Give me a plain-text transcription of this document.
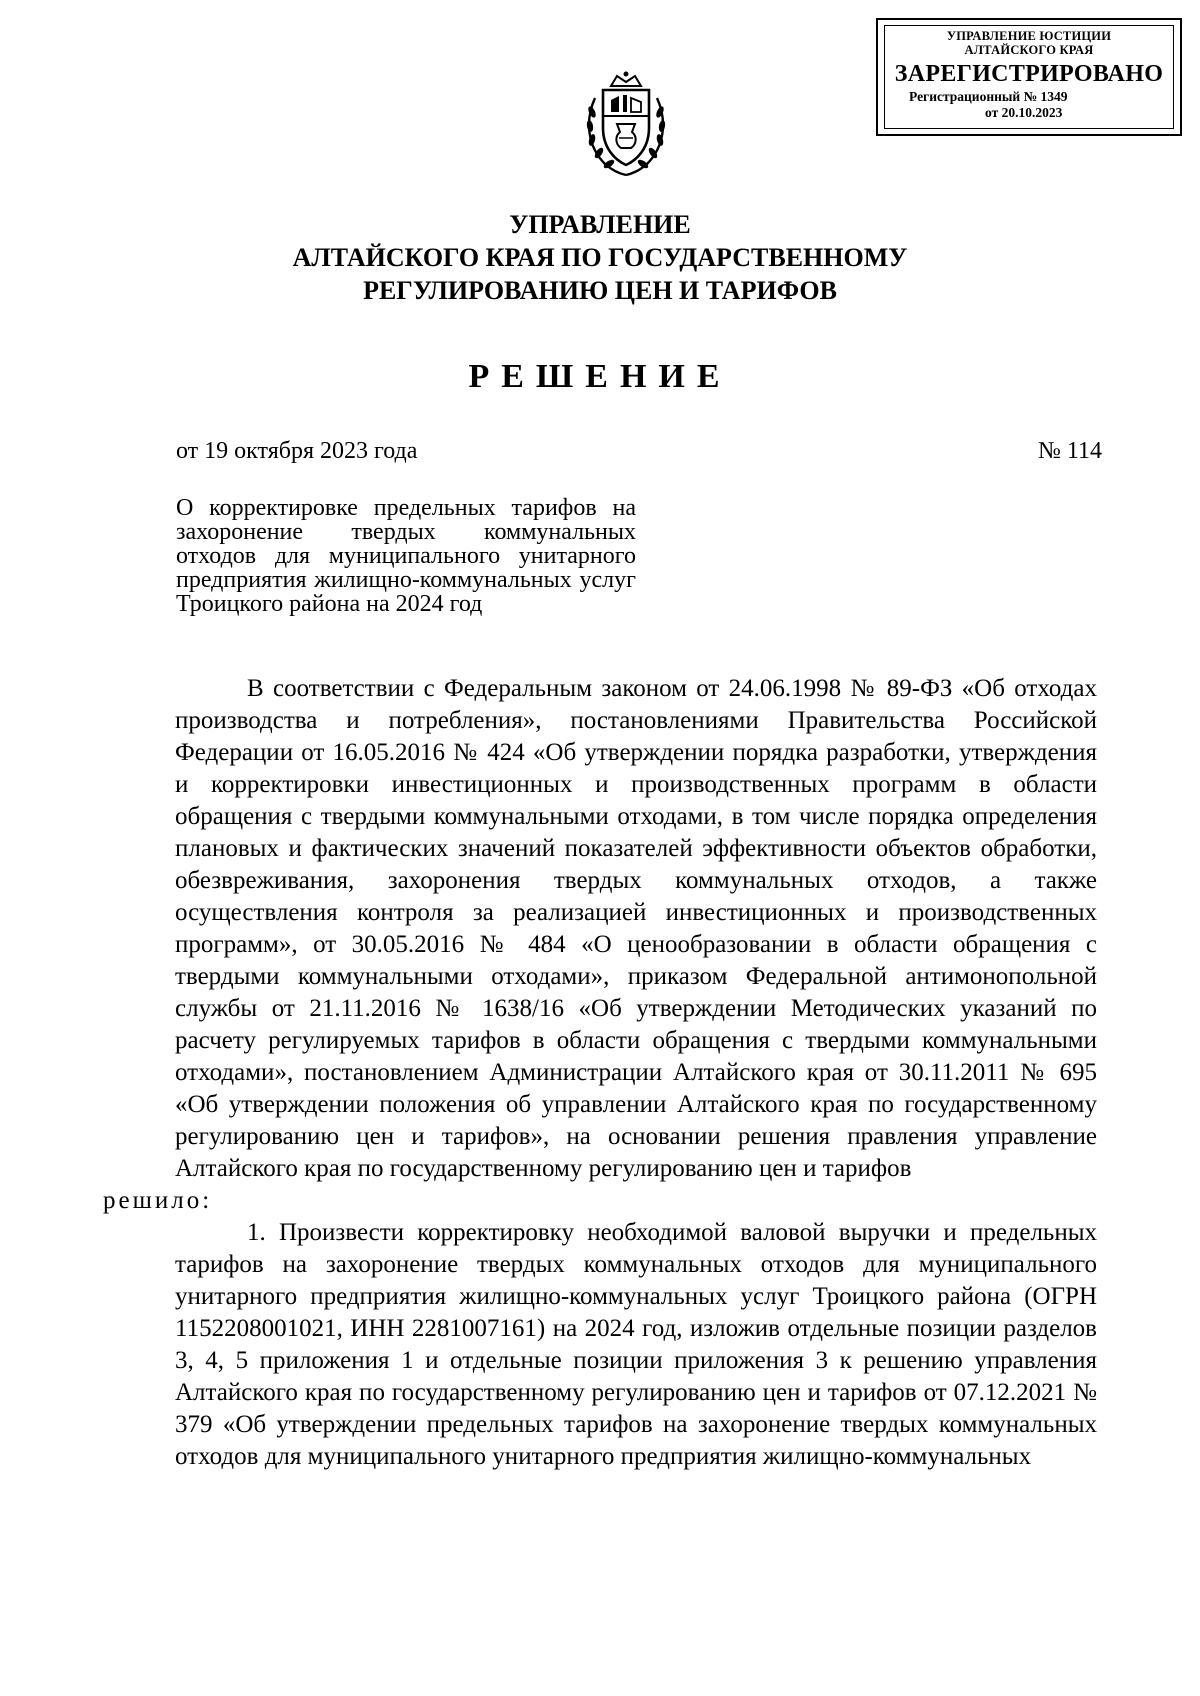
УПРАВЛЕНИЕ ЮСТИЦИИ
АЛТАЙСКОГО КРАЯ
ЗАРЕГИСТРИРОВАНО
Регистрационный № 1349
от 20.10.2023
УПРАВЛЕНИЕ
АЛТАЙСКОГО КРАЯ ПО ГОСУДАРСТВЕННОМУ
РЕГУЛИРОВАНИЮ ЦЕН И ТАРИФОВ
РЕШЕНИЕ
от 19 октября 2023 года	№ 114
О корректировке предельных тарифов на захоронение твердых коммунальных отходов для муниципального унитарного предприятия жилищно-коммунальных услуг Троицкого района на 2024 год

В соответствии с Федеральным законом от 24.06.1998 № 89-ФЗ «Об отходах производства и потребления», постановлениями Правительства Российской Федерации от 16.05.2016 № 424 «Об утверждении порядка разработки, утверждения и корректировки инвестиционных и производственных программ в области обращения с твердыми коммунальными отходами, в том числе порядка определения плановых и фактических значений показателей эффективности объектов обработки, обезвреживания, захоронения твердых коммунальных отходов, а также осуществления контроля за реализацией инвестиционных и производственных программ», от 30.05.2016 № 484 «О ценообразовании в области обращения с твердыми коммунальными отходами», приказом Федеральной антимонопольной службы от 21.11.2016 № 1638/16 «Об утверждении Методических указаний по расчету регулируемых тарифов в области обращения с твердыми коммунальными отходами», постановлением Администрации Алтайского края от 30.11.2011 № 695 «Об утверждении положения об управлении Алтайского края по государственному регулированию цен и тарифов», на основании решения правления управление Алтайского края по государственному регулированию цен и тарифов
решило:

1. Произвести корректировку необходимой валовой выручки и предельных тарифов на захоронение твердых коммунальных отходов для муниципального унитарного предприятия жилищно-коммунальных услуг Троицкого района (ОГРН 1152208001021, ИНН 2281007161) на 2024 год, изложив отдельные позиции разделов 3, 4, 5 приложения 1 и отдельные позиции приложения 3 к решению управления Алтайского края по государственному регулированию цен и тарифов от 07.12.2021 № 379 «Об утверждении предельных тарифов на захоронение твердых коммунальных отходов для муниципального унитарного предприятия жилищно-коммунальных
